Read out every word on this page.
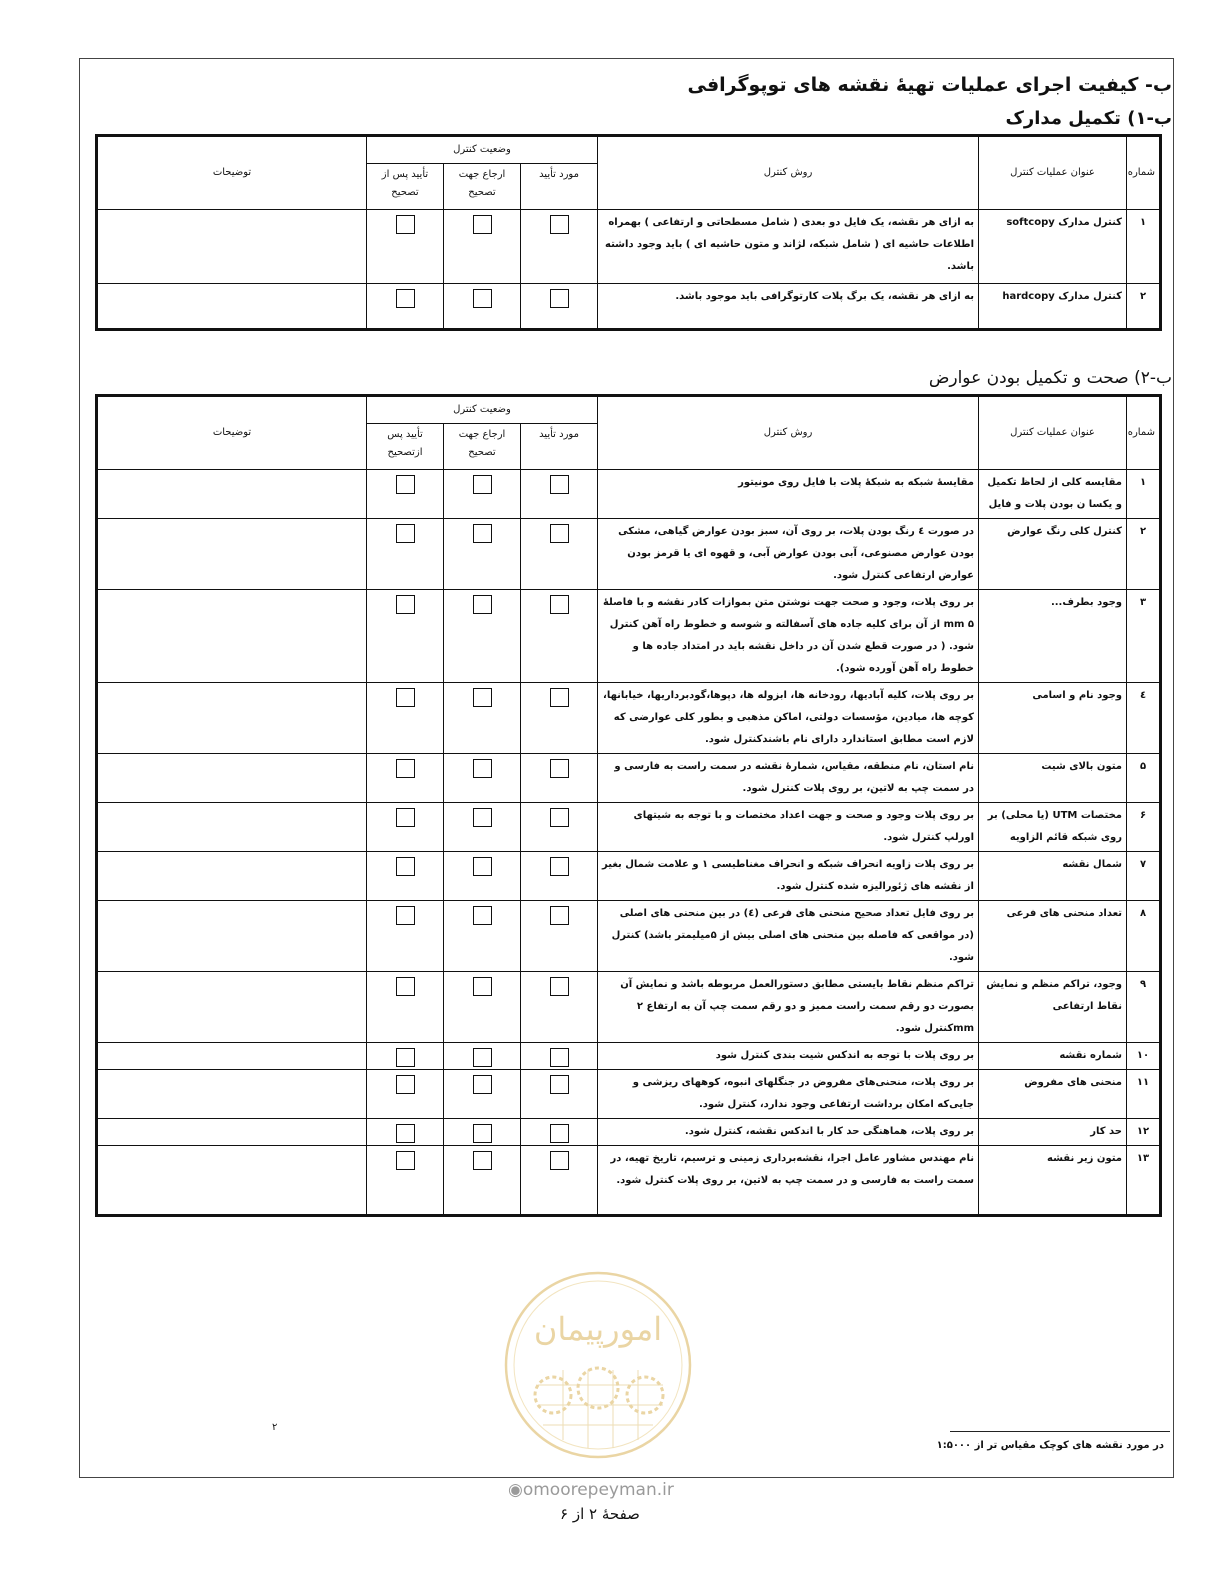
ب- کیفیت اجرای عملیات تهیهٔ نقشه های توپوگرافی
ب-۱) تکمیل مدارک
شماره	عنوان عملیات کنترل	روش کنترل	وضعیت کنترل			توضیحات
			مورد تأیید	ارجاع جهت تصحیح	تأیید پس از تصحیح	
۱	کنترل مدارک softcopy	به ازای هر نقشه، یک فایل دو بعدی ( شامل مسطحاتی و ارتفاعی ) بهمراه اطلاعات حاشیه ای ( شامل شبکه، لژاند و متون حاشیه ای ) باید وجود داشته باشد.	

۲	کنترل مدارک hardcopy	به ازای هر نقشه، یک برگ پلات کارتوگرافی باید موجود باشد.	

ب-۲) صحت و تکمیل بودن عوارض
شماره	عنوان عملیات کنترل	روش کنترل	وضعیت کنترل			توضیحات
			مورد تأیید	ارجاع جهت تصحیح	تأیید پس ازتصحیح	
۱	مقایسه کلی از لحاظ تکمیل و یکسا ن بودن پلات و فایل	مقایسهٔ شبکه به شبکهٔ پلات با فایل روی مونیتور	

۲	کنترل کلی رنگ عوارض	در صورت ٤ رنگ بودن پلات، بر روی آن، سبز بودن عوارض گیاهی، مشکی بودن عوارض مصنوعی، آبی بودن عوارض آبی، و قهوه ای یا قرمز بودن عوارض ارتفاعی کنترل شود.	

۳	وجود بطرف...	بر روی پلات، وجود و صحت جهت نوشتن متن بموازات کادر نقشه و با فاصلهٔ ۵ mm از آن برای کلیه جاده های آسفالته و شوسه و خطوط راه آهن کنترل شود. ( در صورت قطع شدن آن در داخل نقشه باید در امتداد جاده ها و خطوط راه آهن آورده شود).	

٤	وجود نام و اسامی	بر روی پلات، کلیه آبادیها، رودخانه ها، ابزوله ها، دپوها،گودبرداریها، خیابانها، کوچه ها، میادین، مؤسسات دولتی، اماکن مذهبی و بطور کلی عوارضی که لازم است مطابق استاندارد دارای نام باشندکنترل شود.	

۵	متون بالای شیت	نام استان، نام منطقه، مقیاس، شمارهٔ نقشه در سمت راست به فارسی و در سمت چپ به لاتین، بر روی پلات کنترل شود.	

۶	مختصات UTM (یا محلی) بر روی شبکه قائم الزاویه	بر روی پلات وجود و صحت و جهت اعداد مختصات و با توجه به شیتهای اورلپ کنترل شود.	

۷	شمال نقشه	بر روی پلات زاویه انحراف شبکه و انحراف مغناطیسی ۱ و علامت شمال بغیر از نقشه های ژئورالیزه شده کنترل شود.	

۸	تعداد منحنی های فرعی	بر روی فایل تعداد صحیح منحنی های فرعی (٤) در بین منحنی های اصلی (در مواقعی که فاصله بین منحنی های اصلی بیش از ۵میلیمتر باشد) کنترل شود.	

۹	وجود، تراکم منظم و نمایش نقاط ارتفاعی	تراکم منظم نقاط بایستی مطابق دستورالعمل مربوطه باشد و نمایش آن بصورت دو رقم سمت راست ممیز و دو رقم سمت چپ آن به ارتفاع ۲ mmکنترل شود.	

۱۰	شماره نقشه	بر روی پلات با توجه به اندکس شیت بندی کنترل شود	

۱۱	منحنی های مفروض	بر روی پلات، منحنی‌های مفروض در جنگلهای انبوه، کوههای ریزشی و جایی‌که امکان برداشت ارتفاعی وجود ندارد، کنترل شود.	

۱۲	حد کار	بر روی پلات، هماهنگی حد کار با اندکس نقشه، کنترل شود.	

۱۳	متون زیر نقشه	نام مهندس مشاور عامل اجرا، نقشه‌برداری زمینی و ترسیم، تاریخ تهیه، در سمت راست به فارسی و در سمت چپ به لاتین، بر روی پلات کنترل شود.	

۲
در مورد نقشه های کوچک مقیاس تر از ۱:۵۰۰۰
امورپیمان
◉omoorepeyman.ir
صفحهٔ ۲ از ۶
